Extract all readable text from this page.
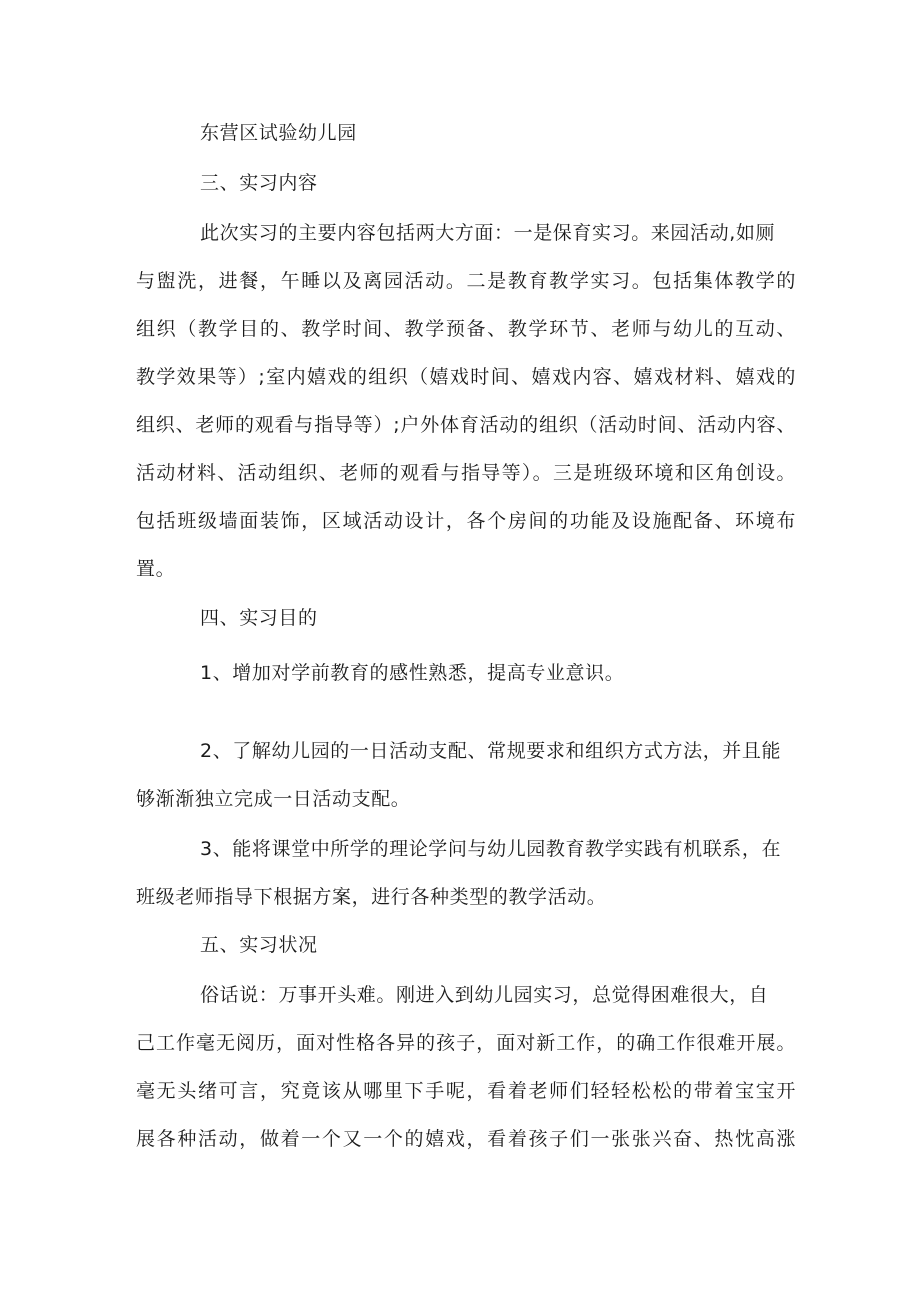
东营区试验幼儿园
三、实习内容
此次实习的主要内容包括两大方面：一是保育实习。来园活动,如厕
与盥洗，进餐，午睡以及离园活动。二是教育教学实习。包括集体教学的
组织（教学目的、教学时间、教学预备、教学环节、老师与幼儿的互动、
教学效果等）;室内嬉戏的组织（嬉戏时间、嬉戏内容、嬉戏材料、嬉戏的
组织、老师的观看与指导等）;户外体育活动的组织（活动时间、活动内容、
活动材料、活动组织、老师的观看与指导等）。三是班级环境和区角创设。
包括班级墙面装饰，区域活动设计，各个房间的功能及设施配备、环境布
置。
四、实习目的
1、增加对学前教育的感性熟悉，提高专业意识。
2、了解幼儿园的一日活动支配、常规要求和组织方式方法，并且能
够渐渐独立完成一日活动支配。
3、能将课堂中所学的理论学问与幼儿园教育教学实践有机联系，在
班级老师指导下根据方案，进行各种类型的教学活动。
五、实习状况
俗话说：万事开头难。刚进入到幼儿园实习，总觉得困难很大，自
己工作毫无阅历，面对性格各异的孩子，面对新工作，的确工作很难开展。
毫无头绪可言，究竟该从哪里下手呢，看着老师们轻轻松松的带着宝宝开
展各种活动，做着一个又一个的嬉戏，看着孩子们一张张兴奋、热忱高涨
